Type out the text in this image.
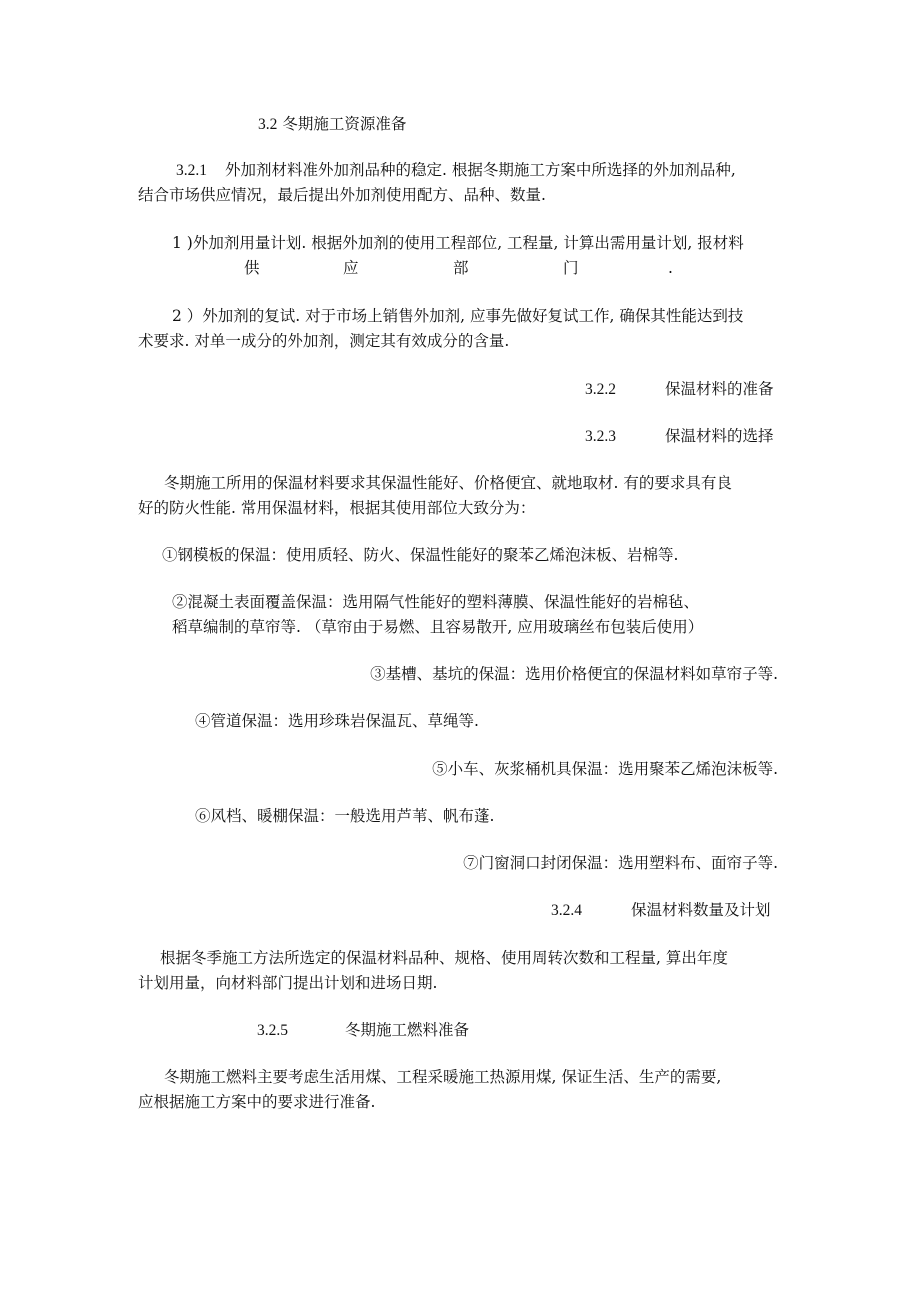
3.2 冬期施工资源准备
3.2.1 外加剂材料准外加剂品种的稳定. 根据冬期施工方案中所选择的外加剂品种,
结合市场供应情况，最后提出外加剂使用配方、品种、数量.
1 )外加剂用量计划. 根据外加剂的使用工程部位, 工程量, 计算出需用量计划, 报材料
供	应	部	门	.
2 ）外加剂的复试. 对于市场上销售外加剂, 应事先做好复试工作, 确保其性能达到技
术要求. 对单一成分的外加剂，测定其有效成分的含量.
3.2.2	保温材料的准备
3.2.3	保温材料的选择
冬期施工所用的保温材料要求其保温性能好、价格便宜、就地取材. 有的要求具有良
好的防火性能. 常用保温材料，根据其使用部位大致分为：
①钢模板的保温：使用质轻、防火、保温性能好的聚苯乙烯泡沫板、岩棉等.
②混凝土表面覆盖保温：选用隔气性能好的塑料薄膜、保温性能好的岩棉毡、
稻草编制的草帘等. （草帘由于易燃、且容易散开, 应用玻璃丝布包装后使用）
③基槽、基坑的保温：选用价格便宜的保温材料如草帘子等.
④管道保温：选用珍珠岩保温瓦、草绳等.
⑤小车、灰浆桶机具保温：选用聚苯乙烯泡沫板等.
⑥风档、暖棚保温：一般选用芦苇、帆布蓬.
⑦门窗洞口封闭保温：选用塑料布、面帘子等.
3.2.4	保温材料数量及计划
根据冬季施工方法所选定的保温材料品种、规格、使用周转次数和工程量, 算出年度
计划用量，向材料部门提出计划和进场日期.
3.2.5	冬期施工燃料准备
冬期施工燃料主要考虑生活用煤、工程采暖施工热源用煤, 保证生活、生产的需要,
应根据施工方案中的要求进行准备.
